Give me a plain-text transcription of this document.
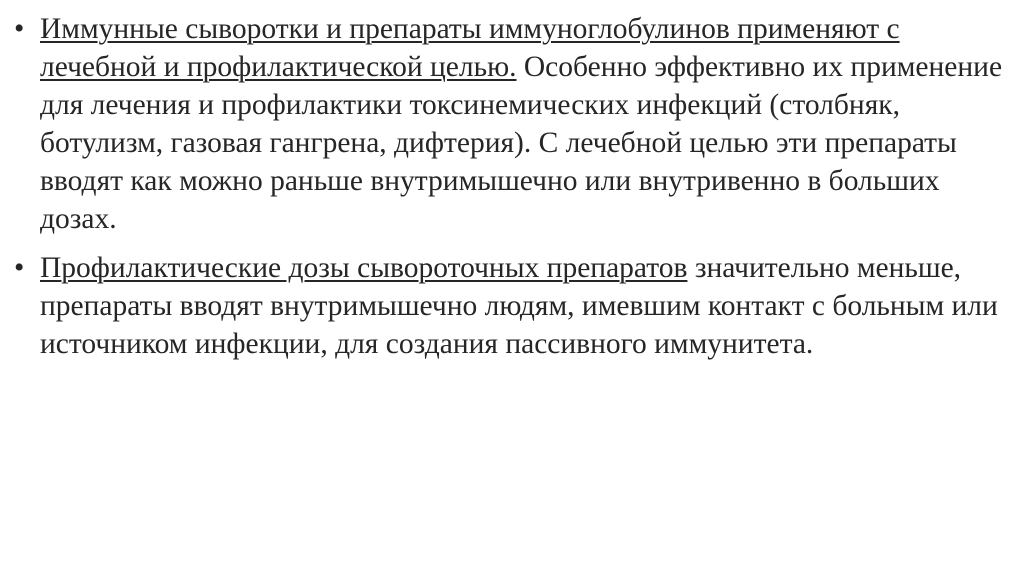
• Иммунные сыворотки и препараты иммуноглобулинов применяют с лечебной и профилактической целью. Особенно эффективно их применение для лечения и профилактики токсинемических инфекций (столбняк, ботулизм, газовая гангрена, дифтерия). С лечебной целью эти препараты вводят как можно раньше внутримышечно или внутривенно в больших дозах.
• Профилактические дозы сывороточных препаратов значительно меньше, препараты вводят внутримышечно людям, имевшим контакт с больным или источником инфекции, для создания пассивного иммунитета.
